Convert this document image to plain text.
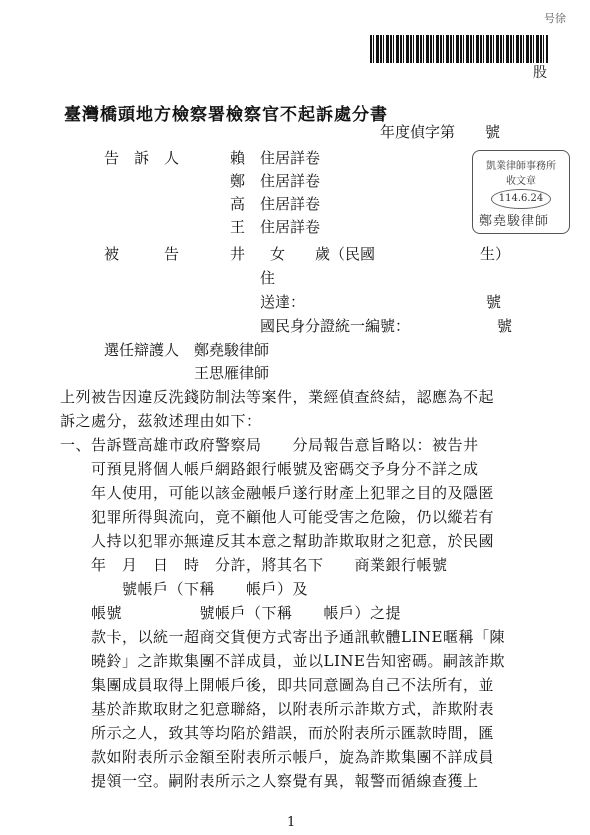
号徐
股
臺灣橋頭地方檢察署檢察官不起訴處分書
年度偵字第　　號
告　訴　人	賴 住居詳卷
鄭 住居詳卷
高 住居詳卷
王 住居詳卷
被　　　告	井 女　　歲（民國　　　　　　　生）
住
送達：	號
國民身分證統一編號：	號
選任辯護人 鄭堯駿律師
王思雁律師
凱業律師事務所
收文章
114.6.24
鄭堯駿律師
上列被告因違反洗錢防制法等案件，業經偵查終結，認應為不起
訴之處分，茲敘述理由如下：
一、告訴暨高雄市政府警察局　　分局報告意旨略以：被告井
　　可預見將個人帳戶網路銀行帳號及密碼交予身分不詳之成
　　年人使用，可能以該金融帳戶遂行財產上犯罪之目的及隱匿
　　犯罪所得與流向，竟不顧他人可能受害之危險，仍以縱若有
　　人持以犯罪亦無違反其本意之幫助詐欺取財之犯意，於民國
　　年　月　日　時　分許，將其名下　　商業銀行帳號
　　　　號帳戶（下稱　　帳戶）及
　　帳號　　　　　號帳戶（下稱　　帳戶）之提
　　款卡，以統一超商交貨便方式寄出予通訊軟體LINE暱稱「陳
　　曉鈴」之詐欺集團不詳成員，並以LINE告知密碼。嗣該詐欺
　　集團成員取得上開帳戶後，即共同意圖為自己不法所有，並
　　基於詐欺取財之犯意聯絡，以附表所示詐欺方式，詐欺附表
　　所示之人，致其等均陷於錯誤，而於附表所示匯款時間，匯
　　款如附表所示金額至附表所示帳戶，旋為詐欺集團不詳成員
　　提領一空。嗣附表所示之人察覺有異，報警而循線查獲上
1
